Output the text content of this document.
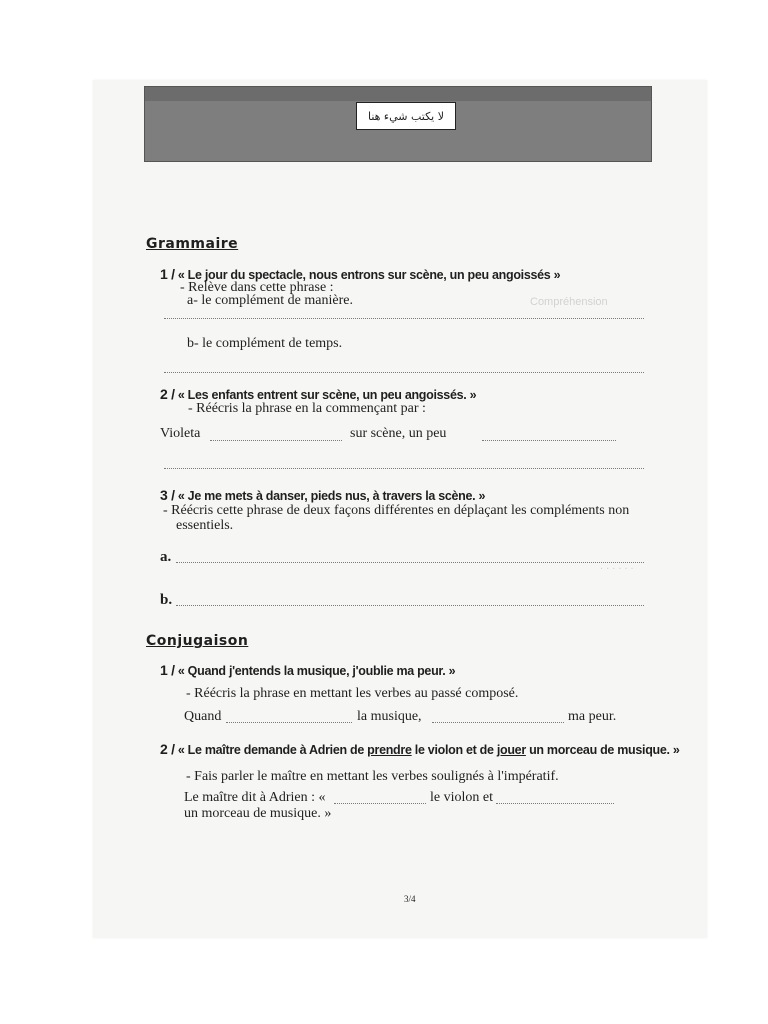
Compréhension
. . . . . .
لا يكتب شيء هنا
Grammaire
1 / « Le jour du spectacle, nous entrons sur scène, un peu angoissés »
- Relève dans cette phrase :
a- le complément de manière.
b- le complément de temps.
2 / « Les enfants entrent sur scène, un peu angoissés. »
- Réécris la phrase en la commençant par :
Violeta	sur scène, un peu
3 / « Je me mets à danser, pieds nus, à travers la scène. »
- Réécris cette phrase de deux façons différentes en déplaçant les compléments non
essentiels.
a.
b.
Conjugaison
1 / « Quand j'entends la musique, j'oublie ma peur. »
- Réécris la phrase en mettant les verbes au passé composé.
Quand	la musique,	ma peur.
2 / « Le maître demande à Adrien de prendre le violon et de jouer un morceau de musique. »
- Fais parler le maître en mettant les verbes soulignés à l'impératif.
Le maître dit à Adrien : «	le violon et
un morceau de musique. »
3/4
